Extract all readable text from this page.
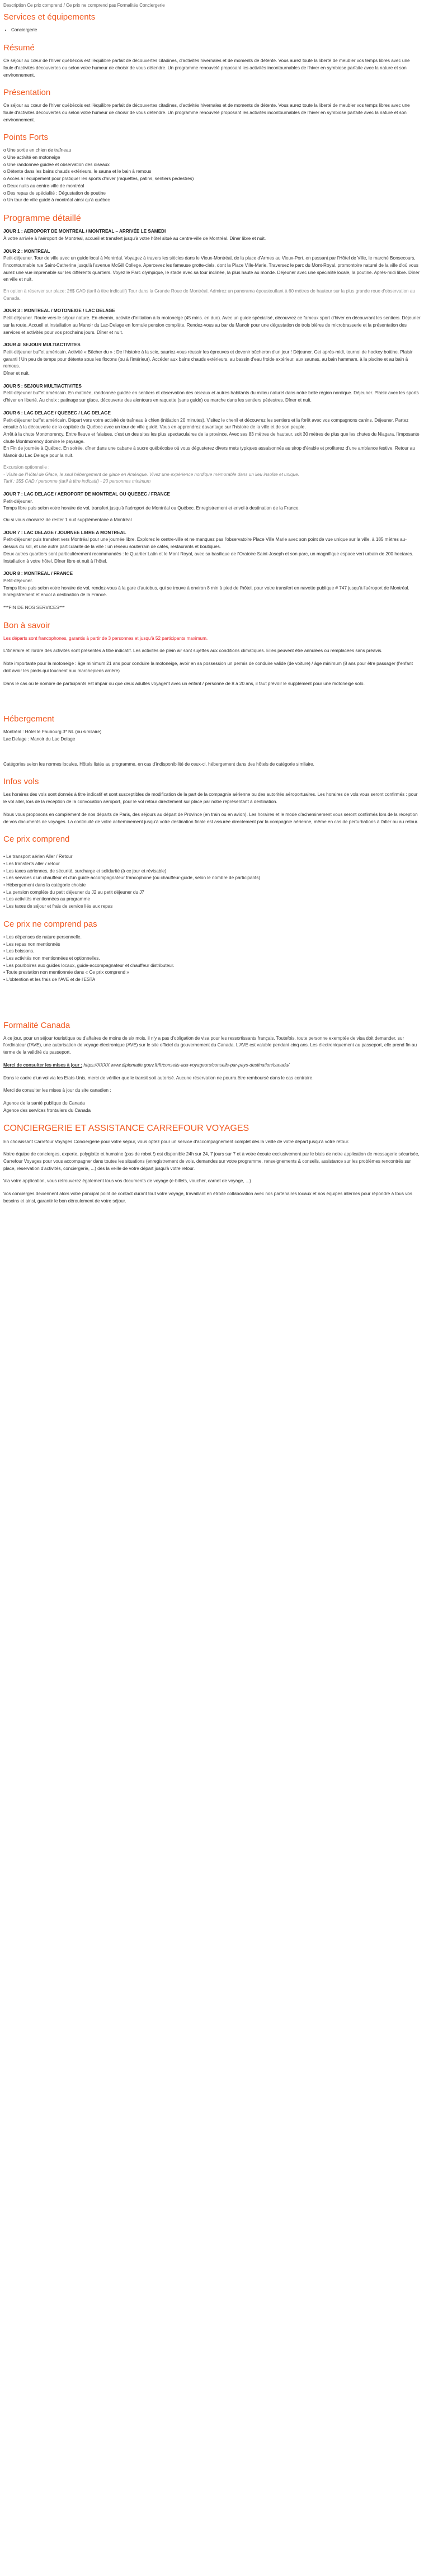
Description Ce prix comprend / Ce prix ne comprend pas Formalités Conciergerie
Services et équipements
• Conciergerie
Résumé

Ce séjour au cœur de l'hiver québécois est l'équilibre parfait de découvertes citadines, d'activités hivernales et de moments de détente. Vous aurez toute la liberté de meubler vos temps libres avec une foule d'activités découvertes ou selon votre humeur de choisir de vous détendre. Un programme renouvelé proposant les activités incontournables de l'hiver en symbiose parfaite avec la nature et son environnement.

Présentation

Ce séjour au cœur de l'hiver québécois est l'équilibre parfait de découvertes citadines, d'activités hivernales et de moments de détente. Vous aurez toute la liberté de meubler vos temps libres avec une foule d'activités découvertes ou selon votre humeur de choisir de vous détendre. Un programme renouvelé proposant les activités incontournables de l'hiver en symbiose parfaite avec la nature et son environnement.

Points Forts
o Une sortie en chien de traîneau
o Une activité en motoneige
o Une randonnée guidée et observation des oiseaux
o Détente dans les bains chauds extérieurs, le sauna et le bain à remous
o Accès à l'équipement pour pratiquer les sports d'hiver (raquettes, patins, sentiers pédestres)
o Deux nuits au centre-ville de montréal
o Des repas de spécialité : Dégustation de poutine
o Un tour de ville guidé à montréal ainsi qu'à québec
Programme détaillé
JOUR 1 : AEROPORT DE MONTREAL / MONTREAL – ARRIVÉE LE SAMEDI

À votre arrivée à l'aéroport de Montréal, accueil et transfert jusqu'à votre hôtel situé au centre-ville de Montréal. Dîner libre et nuit.

JOUR 2 : MONTREAL

Petit-déjeuner. Tour de ville avec un guide local à Montréal. Voyagez à travers les siècles dans le Vieux-Montréal, de la place d'Armes au Vieux-Port, en passant par l'Hôtel de Ville, le marché Bonsecours, l'incontournable rue Saint-Catherine jusqu'à l'avenue McGill College. Apercevez les fameuse grotte-ciels, dont la Place Ville-Marie. Traversez le parc du Mont-Royal, promontoire naturel de la ville d'où vous aurez une vue imprenable sur les différents quartiers. Voyez le Parc olympique, le stade avec sa tour inclinée, la plus haute au monde. Déjeuner avec une spécialité locale, la poutine. Après-midi libre. Dîner en ville et nuit.

En option à réserver sur place: 26$ CAD (tarif à titre indicatif) Tour dans la Grande Roue de Montréal. Admirez un panorama époustouflant à 60 mètres de hauteur sur la plus grande roue d'observation au Canada.

JOUR 3 : MONTREAL / MOTONEIGE / LAC DELAGE

Petit-déjeuner. Route vers le séjour nature. En chemin, activité d'initiation à la motoneige (45 mins. en duo). Avec un guide spécialisé, découvrez ce fameux sport d'hiver en découvrant les sentiers. Déjeuner sur la route. Accueil et installation au Manoir du Lac-Delage en formule pension complète. Rendez-vous au bar du Manoir pour une dégustation de trois bières de microbrasserie et la présentation des services et activités pour vos prochains jours. Dîner et nuit.

JOUR 4: SEJOUR MULTIACTIVITES

Petit-déjeuner buffet américain. Activité « Bûcher du » : De l'histoire à la scie, sauriez-vous réussir les épreuves et devenir bûcheron d'un jour ! Déjeuner. Cet après-midi, tournoi de hockey bottine. Plaisir garanti ! Un peu de temps pour détente sous les flocons (ou à l'intérieur). Accéder aux bains chauds extérieurs, au bassin d'eau froide extérieur, aux saunas, au bain hammam, à la piscine et au bain à remous.

Dîner et nuit.

JOUR 5 : SEJOUR MULTIACTIVITES

Petit-déjeuner buffet américain. En matinée, randonnée guidée en sentiers et observation des oiseaux et autres habitants du milieu naturel dans notre belle région nordique. Déjeuner. Plaisir avec les sports d'hiver en liberté. Au choix : patinage sur glace, découverte des alentours en raquette (sans guide) ou marche dans les sentiers pédestres. Dîner et nuit.

JOUR 6 : LAC DELAGE / QUEBEC / LAC DELAGE

Petit-déjeuner buffet américain. Départ vers votre activité de traîneau à chien (initiation 20 minutes). Visitez le chenil et découvrez les sentiers et la forêt avec vos compagnons canins. Déjeuner. Partez ensuite à la découverte de la capitale du Québec avec un tour de ville guidé. Vous en apprendrez davantage sur l'histoire de la ville et de son peuple.

Arrêt à la chute Montmorency. Entre fleuve et falaises, c'est un des sites les plus spectaculaires de la province. Avec ses 83 mètres de hauteur, soit 30 mètres de plus que les chutes du Niagara, l'imposante chute Montmorency domine le paysage.

En Fin de journée à Québec. En soirée, dîner dans une cabane à sucre québécoise où vous dégusterez divers mets typiques assaisonnés au sirop d'érable et profiterez d'une ambiance festive. Retour au Manoir du Lac Delage pour la nuit.

Excursion optionnelle :

- Visite de l'Hôtel de Glace, le seul hébergement de glace en Amérique. Vivez une expérience nordique mémorable dans un lieu insolite et unique.

Tarif : 35$ CAD / personne (tarif à titre indicatif) - 20 personnes minimum

JOUR 7 : LAC DELAGE / AEROPORT DE MONTREAL OU QUEBEC / FRANCE

Petit-déjeuner.

Temps libre puis selon votre horaire de vol, transfert jusqu'à l'aéroport de Montréal ou Québec. Enregistrement et envol à destination de la France.

Ou si vous choisirez de rester 1 nuit supplémentaire à Montréal

JOUR 7 : LAC DELAGE / JOURNEE LIBRE A MONTREAL

Petit-déjeuner puis transfert vers Montréal pour une journée libre. Explorez le centre-ville et ne manquez pas l'observatoire Place Ville Marie avec son point de vue unique sur la ville, à 185 mètres au-dessus du sol, et une autre particularité de la ville : un réseau souterrain de cafés, restaurants et boutiques.

Deux autres quartiers sont particulièrement recommandés : le Quartier Latin et le Mont Royal, avec sa basilique de l'Oratoire Saint-Joseph et son parc, un magnifique espace vert urbain de 200 hectares. Installation à votre hôtel. Dîner libre et nuit à l'hôtel.

JOUR 8 : MONTREAL / FRANCE

Petit-déjeuner.

Temps libre puis selon votre horaire de vol, rendez-vous à la gare d'autobus, qui se trouve à environ 8 min à pied de l'hôtel, pour votre transfert en navette publique # 747 jusqu'à l'aéroport de Montréal. Enregistrement et envol à destination de la France.

***FIN DE NOS SERVICES***

Bon à savoir

Les départs sont francophones, garantis à partir de 3 personnes et jusqu'à 52 participants maximum.

L'itinéraire et l'ordre des activités sont présentés à titre indicatif. Les activités de plein air sont sujettes aux conditions climatiques. Elles peuvent être annulées ou remplacées sans préavis.

Note importante pour la motoneige : âge minimum 21 ans pour conduire la motoneige, avoir en sa possession un permis de conduire valide (de voiture) / âge minimum (8 ans pour être passager (l'enfant doit avoir les pieds qui touchent aux marchepieds arrière)

Dans le cas où le nombre de participants est impair ou que deux adultes voyagent avec un enfant / personne de 8 à 20 ans, il faut prévoir le supplément pour une motoneige solo.

Hébergement

Montréal : Hôtel le Faubourg 3* NL (ou similaire)

Lac Delage : Manoir du Lac Delage

Catégories selon les normes locales. Hôtels listés au programme, en cas d'indisponibilité de ceux-ci, hébergement dans des hôtels de catégorie similaire.

Infos vols

Les horaires des vols sont donnés à titre indicatif et sont susceptibles de modification de la part de la compagnie aérienne ou des autorités aéroportuaires. Les horaires de vols vous seront confirmés : pour le vol aller, lors de la réception de la convocation aéroport, pour le vol retour directement sur place par notre représentant à destination.

Nous vous proposons en complément de nos départs de Paris, des séjours au départ de Province (en train ou en avion). Les horaires et le mode d'acheminement vous seront confirmés lors de la réception de vos documents de voyages. La continuité de votre acheminement jusqu'à votre destination finale est assurée directement par la compagnie aérienne, même en cas de perturbations à l'aller ou au retour.

Ce prix comprend
• Le transport aérien Aller / Retour
• Les transferts aller / retour
• Les taxes aériennes, de sécurité, surcharge et solidarité (à ce jour et révisable)
• Les services d'un chauffeur et d'un guide-accompagnateur francophone (ou chauffeur-guide, selon le nombre de participants)
• Hébergement dans la catégorie choisie
• La pension complète du petit déjeuner du J2 au petit déjeuner du J7
• Les activités mentionnées au programme
• Les taxes de séjour et frais de service liés aux repas
Ce prix ne comprend pas
• Les dépenses de nature personnelle.
• Les repas non mentionnés
• Les boissons.
• Les activités non mentionnées et optionnelles.
• Les pourboires aux guides locaux, guide-accompagnateur et chauffeur distributeur.
• Toute prestation non mentionnée dans « Ce prix comprend »
• L'obtention et les frais de l'AVE et de l'ESTA
Formalité Canada

A ce jour, pour un séjour touristique ou d'affaires de moins de six mois, il n'y a pas d'obligation de visa pour les ressortissants français. Toutefois, toute personne exemptée de visa doit demander, sur l'ordinateur (l'AVE), une autorisation de voyage électronique (AVE) sur le site officiel du gouvernement du Canada. L'AVE est valable pendant cinq ans. Les électroniquement au passeport, elle prend fin au terme de la validité du passeport.

Merci de consulter les mises à jour : https://XXXX.www.diplomatie.gouv.fr/fr/conseils-aux-voyageurs/conseils-par-pays-destination/canada/

Dans le cadre d'un vol via les Etats-Unis, merci de vérifier que le transit soit autorisé. Aucune réservation ne pourra être remboursé dans le cas contraire.

Merci de consulter les mises à jour du site canadien :

Agence de la santé publique du Canada

Agence des services frontaliers du Canada

CONCIERGERIE ET ASSISTANCE CARREFOUR VOYAGES

En choisissant Carrefour Voyages Conciergerie pour votre séjour, vous optez pour un service d'accompagnement complet dès la veille de votre départ jusqu'à votre retour.

Notre équipe de concierges, experte, polyglotte et humaine (pas de robot !) est disponible 24h sur 24, 7 jours sur 7 et à votre écoute exclusivement par le biais de notre application de messagerie sécurisée, Carrefour Voyages pour vous accompagner dans toutes les situations (enregistrement de vols, demandes sur votre programme, renseignements & conseils, assistance sur les problèmes rencontrés sur place, réservation d'activités, conciergerie, ...) dès la veille de votre départ jusqu'à votre retour.

Via votre application, vous retrouverez également tous vos documents de voyage (e-billets, voucher, carnet de voyage, ...)

Vos concierges deviennent alors votre principal point de contact durant tout votre voyage, travaillant en étroite collaboration avec nos partenaires locaux et nos équipes internes pour répondre à tous vos besoins et ainsi, garantir le bon déroulement de votre séjour.
